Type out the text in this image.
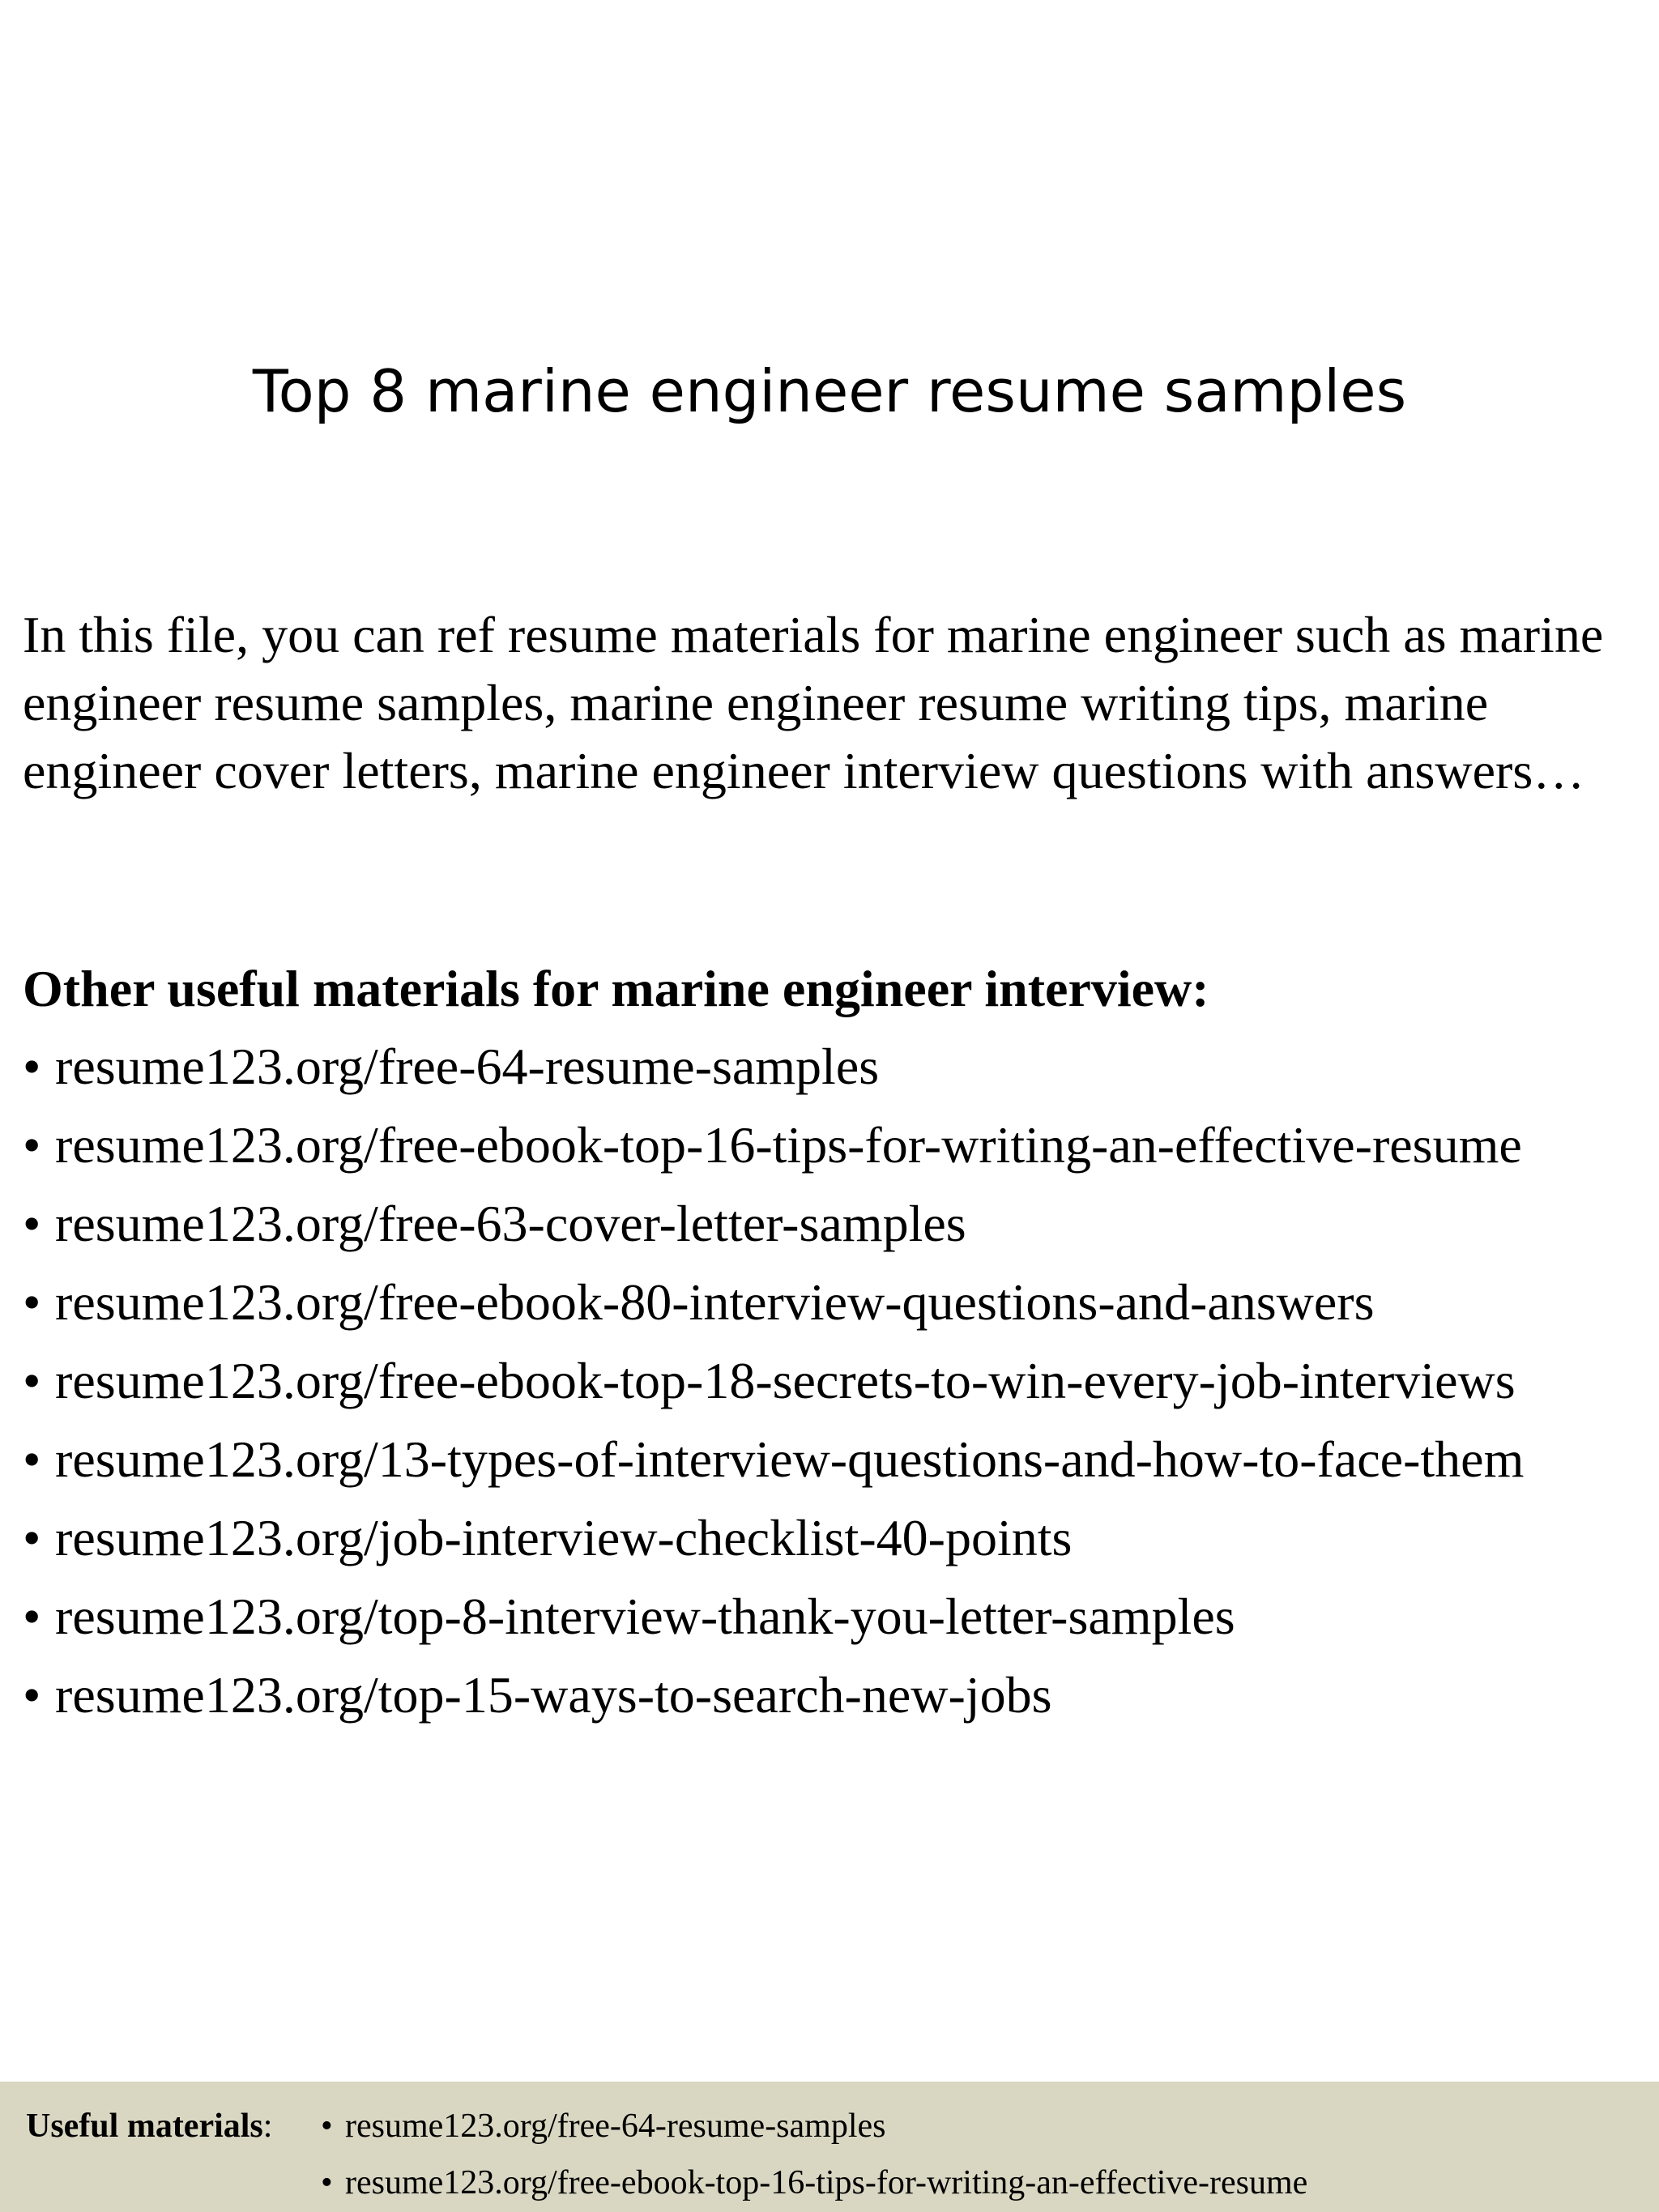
Top 8 marine engineer resume samples

In this file, you can ref resume materials for marine engineer such as marine engineer resume samples, marine engineer resume writing tips, marine engineer cover letters, marine engineer interview questions with answers…

Other useful materials for marine engineer interview:
• resume123.org/free-64-resume-samples
• resume123.org/free-ebook-top-16-tips-for-writing-an-effective-resume
• resume123.org/free-63-cover-letter-samples
• resume123.org/free-ebook-80-interview-questions-and-answers
• resume123.org/free-ebook-top-18-secrets-to-win-every-job-interviews
• resume123.org/13-types-of-interview-questions-and-how-to-face-them
• resume123.org/job-interview-checklist-40-points
• resume123.org/top-8-interview-thank-you-letter-samples
• resume123.org/top-15-ways-to-search-new-jobs
Useful materials: • resume123.org/free-64-resume-samples
• resume123.org/free-ebook-top-16-tips-for-writing-an-effective-resume
